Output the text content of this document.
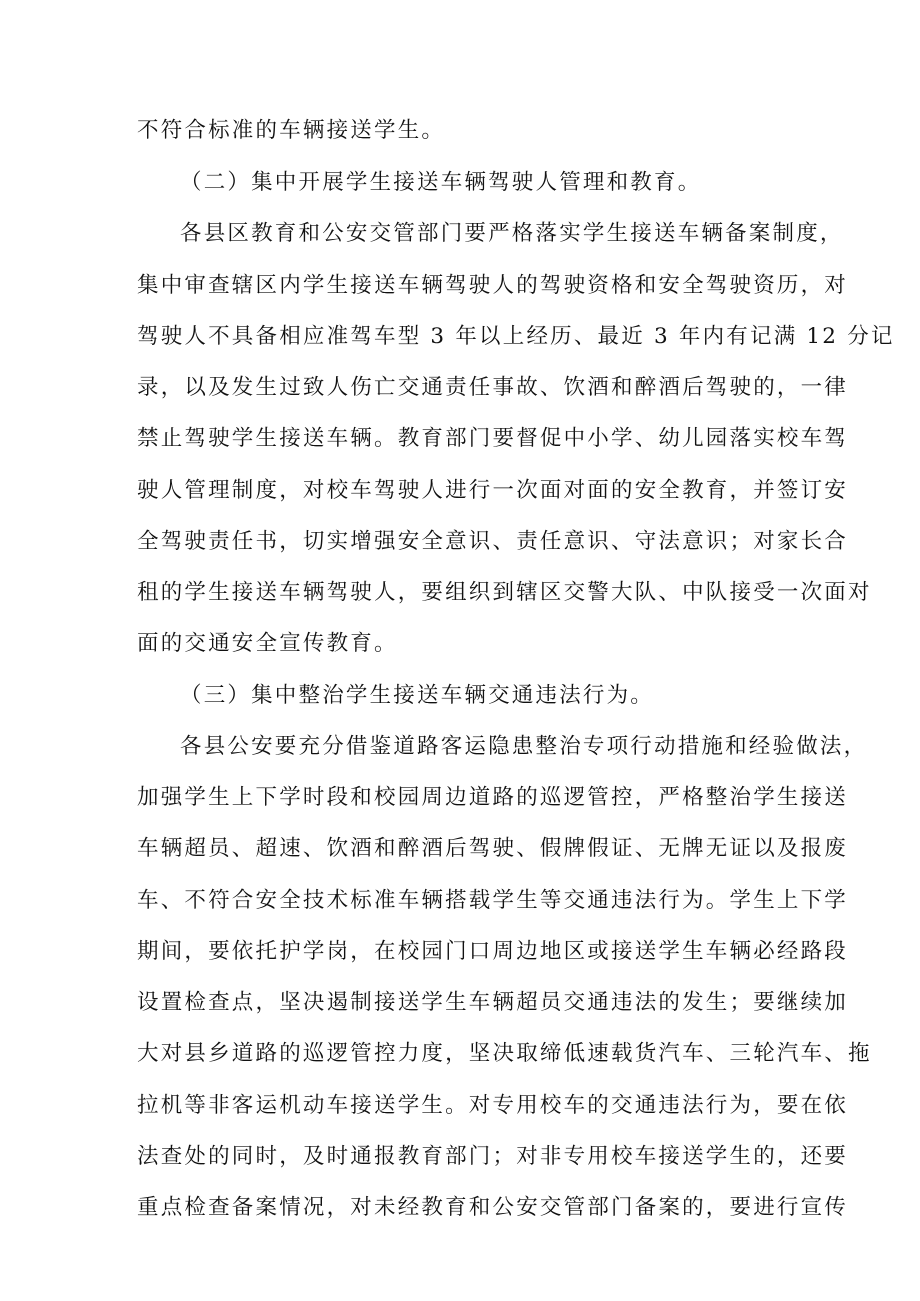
不符合标准的车辆接送学生。
（二）集中开展学生接送车辆驾驶人管理和教育。
各县区教育和公安交管部门要严格落实学生接送车辆备案制度，
集中审查辖区内学生接送车辆驾驶人的驾驶资格和安全驾驶资历，对
驾驶人不具备相应准驾车型 3 年以上经历、最近 3 年内有记满 12 分记
录，以及发生过致人伤亡交通责任事故、饮酒和醉酒后驾驶的，一律
禁止驾驶学生接送车辆。教育部门要督促中小学、幼儿园落实校车驾
驶人管理制度，对校车驾驶人进行一次面对面的安全教育，并签订安
全驾驶责任书，切实增强安全意识、责任意识、守法意识；对家长合
租的学生接送车辆驾驶人，要组织到辖区交警大队、中队接受一次面对
面的交通安全宣传教育。
（三）集中整治学生接送车辆交通违法行为。
各县公安要充分借鉴道路客运隐患整治专项行动措施和经验做法，
加强学生上下学时段和校园周边道路的巡逻管控，严格整治学生接送
车辆超员、超速、饮酒和醉酒后驾驶、假牌假证、无牌无证以及报废
车、不符合安全技术标准车辆搭载学生等交通违法行为。学生上下学
期间，要依托护学岗，在校园门口周边地区或接送学生车辆必经路段
设置检查点，坚决遏制接送学生车辆超员交通违法的发生；要继续加
大对县乡道路的巡逻管控力度，坚决取缔低速载货汽车、三轮汽车、拖
拉机等非客运机动车接送学生。对专用校车的交通违法行为，要在依
法查处的同时，及时通报教育部门；对非专用校车接送学生的，还要
重点检查备案情况，对未经教育和公安交管部门备案的，要进行宣传
